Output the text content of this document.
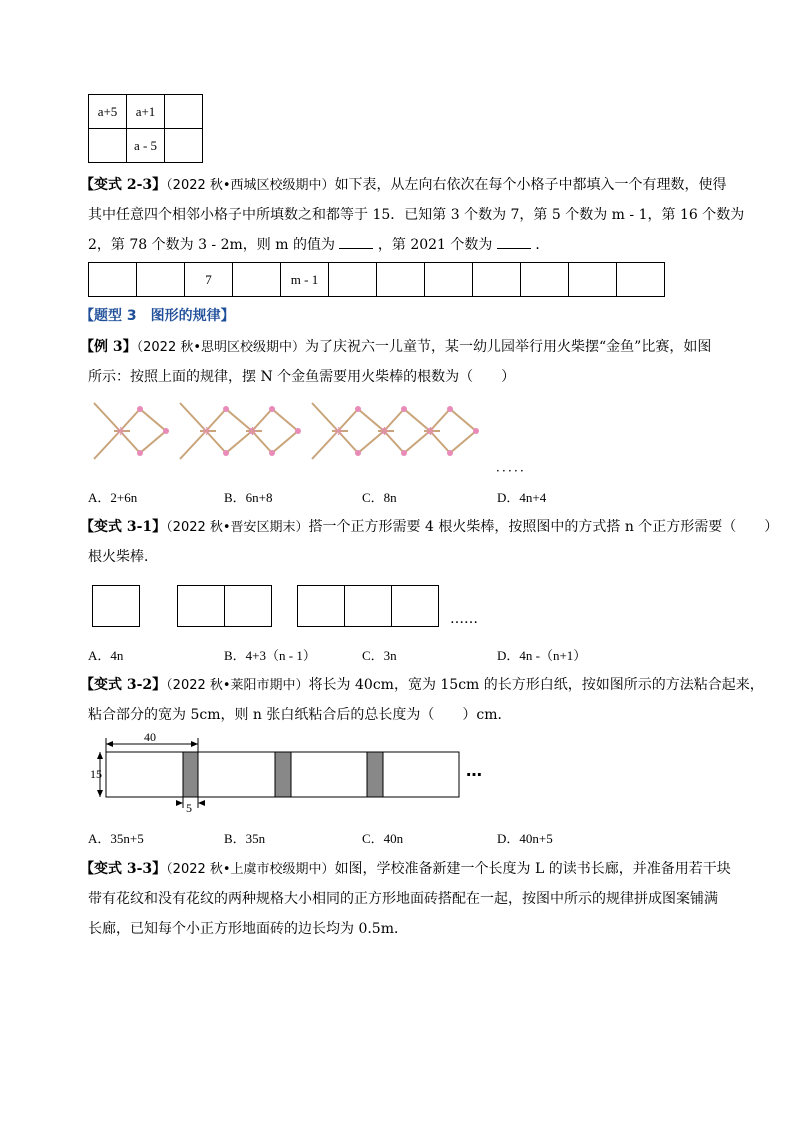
a+5	a+1	
	a - 5	
【变式 2-3】（2022 秋•西城区校级期中）如下表，从左向右依次在每个小格子中都填入一个有理数，使得
其中任意四个相邻小格子中所填数之和都等于 15．已知第 3 个数为 7，第 5 个数为 m - 1，第 16 个数为
2，第 78 个数为 3 - 2m，则 m 的值为	，第 2021 个数为	．
		7		m - 1							
【题型 3　图形的规律】
【例 3】（2022 秋•思明区校级期中）为了庆祝六一儿童节，某一幼儿园举行用火柴摆“金鱼”比赛，如图
所示：按照上面的规律，摆 N 个金鱼需要用火柴棒的根数为（　　）
※	※	※	※	※	※
．．．．．
A．2+6n	B．6n+8	C．8n	D．4n+4
【变式 3-1】（2022 秋•晋安区期末）搭一个正方形需要 4 根火柴棒，按照图中的方式搭 n 个正方形需要（　　）
根火柴棒．
……
A．4n	B．4+3（n - 1）	C．3n	D．4n -（n+1）
【变式 3-2】（2022 秋•莱阳市期中）将长为 40cm，宽为 15cm 的长方形白纸，按如图所示的方法粘合起来，
粘合部分的宽为 5cm，则 n 张白纸粘合后的总长度为（　　）cm．
40
15
5
…
A．35n+5	B．35n	C．40n	D．40n+5
【变式 3-3】（2022 秋•上虞市校级期中）如图，学校准备新建一个长度为 L 的读书长廊，并准备用若干块
带有花纹和没有花纹的两种规格大小相同的正方形地面砖搭配在一起，按图中所示的规律拼成图案铺满
长廊，已知每个小正方形地面砖的边长均为 0.5m．
